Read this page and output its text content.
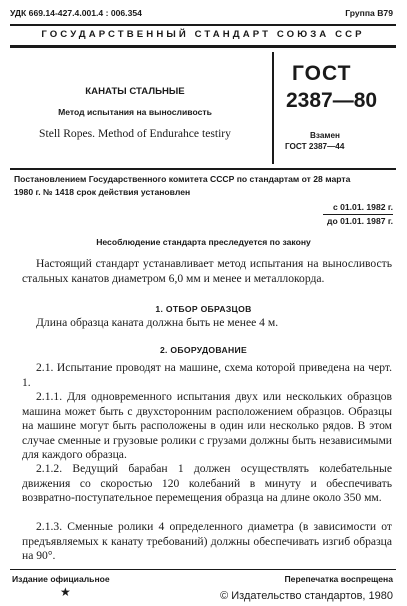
УДК 669.14-427.4.001.4 : 006.354	Группа В79
ГОСУДАРСТВЕННЫЙ СТАНДАРТ СОЮЗА ССР
КАНАТЫ СТАЛЬНЫЕ
Метод испытания на выносливость
Stell Ropes. Method of Endurahce testiry
ГОСТ
2387—80
Взамен
ГОСТ 2387—44
Постановлением Государственного комитета СССР по стандартам от 28 марта
1980 г. № 1418 срок действия установлен
с 01.01. 1982 г.
до 01.01. 1987 г.
Несоблюдение стандарта преследуется по закону
Настоящий стандарт устанавливает метод испытания на выносливость стальных канатов диаметром 6,0 мм и менее и металлокорда.
1. ОТБОР ОБРАЗЦОВ
Длина образца каната должна быть не менее 4 м.
2. ОБОРУДОВАНИЕ
2.1. Испытание проводят на машине, схема которой приведена на черт. 1.
2.1.1. Для одновременного испытания двух или нескольких образцов машина может быть с двухсторонним расположением образцов. Образцы на машине могут быть расположены в один или несколько рядов. В этом случае сменные и грузовые ролики с грузами должны быть независимыми для каждого образца.
2.1.2. Ведущий барабан 1 должен осуществлять колебательные движения со скоростью 120 колебаний в минуту и обеспечивать возвратно-поступательное перемещения образца на длине около 350 мм.
2.1.3. Сменные ролики 4 определенного диаметра (в зависимости от предъявляемых к канату требований) должны обеспечивать изгиб образца на 90°.
Издание официальное	Перепечатка воспрещена
★	© Издательство стандартов, 1980
